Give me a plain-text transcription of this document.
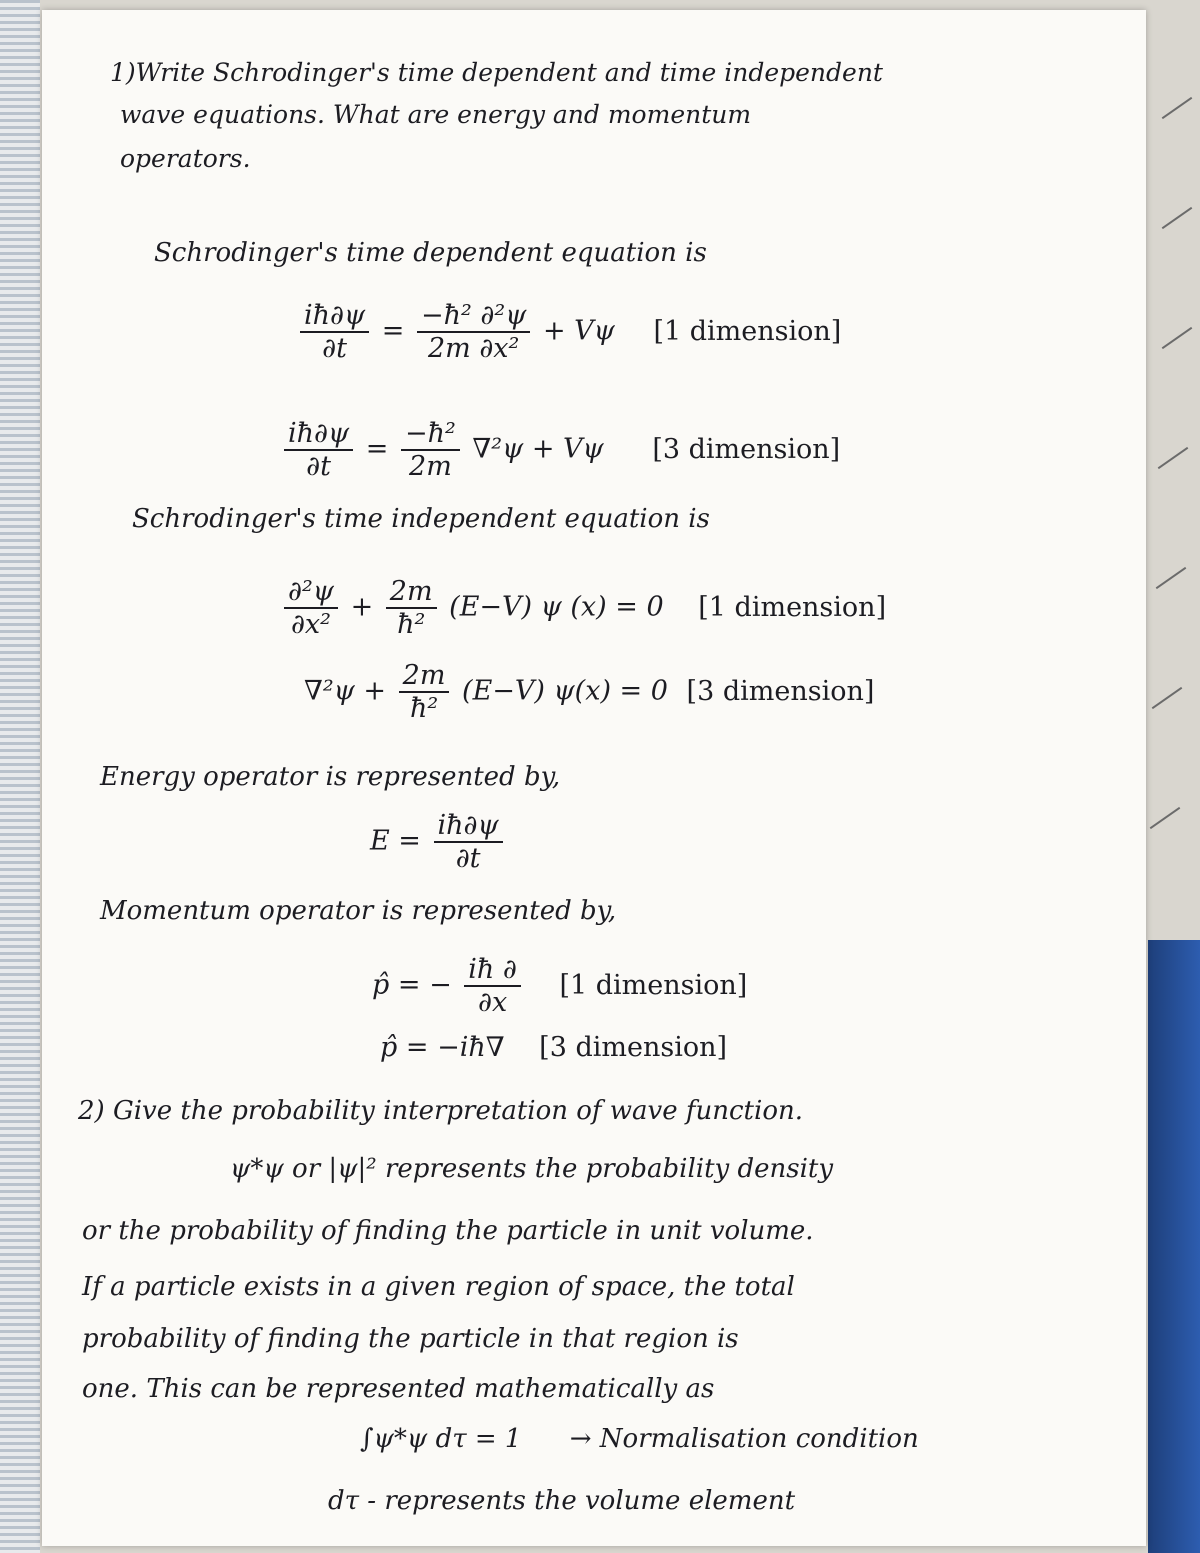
1)Write Schrodinger's time dependent and time independent
wave equations. What are energy and momentum
operators.
Schrodinger's time dependent equation is
$\frac{iħ\partial\psi}{\partial t} = \frac{\text{−ħ² ∂²ψ}}{\text{2m ∂x²}} + V\psi$ [1 dimension]
$\frac{iħ\partial\psi}{\partial t} = \frac{\text{−ħ²}}{2m} \nabla^2\psi + V\psi$ [3 dimension]
Schrodinger's time independent equation is
$\frac{\text{∂²ψ}}{\text{∂x²}} + \frac{2m}{\text{ħ²}} (E-V)$ ψ (x) = 0 [1 dimension]
$\nabla^2\psi + \frac{2m}{\text{ħ²}} (E-V) \psi(x) = 0$ [3 dimension]
Energy operator is represented by,
$E = \frac{iħ\partial\psi}{\partial t}$
Momentum operator is represented by,
p̂ = − $\frac{iħ \partial}{\partial x} [1$ dimension]
p̂ = −iħ∇ [3 dimension]
2) Give the probability interpretation of wave function.
ψ*ψ or |ψ|² represents the probability density
or the probability of finding the particle in unit volume.
If a particle exists in a given region of space, the total
probability of finding the particle in that region is
one. This can be represented mathematically as
∫ψ*ψ dτ = 1 → Normalisation condition
dτ - represents the volume element
